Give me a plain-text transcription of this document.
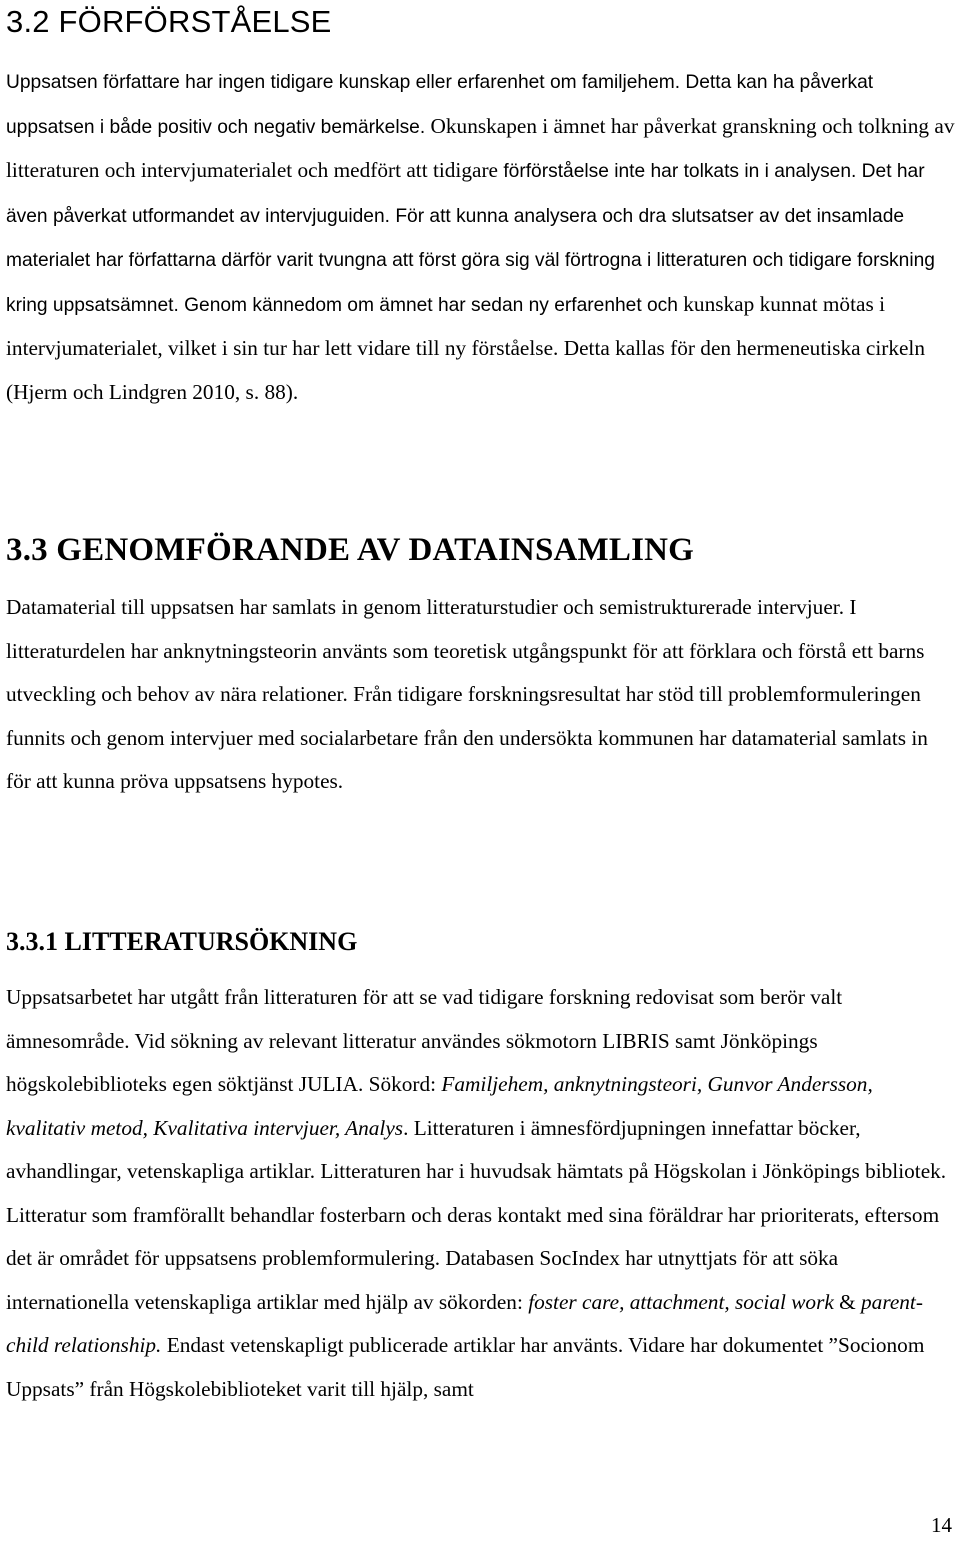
3.2 FÖRFÖRSTÅELSE

Uppsatsen författare har ingen tidigare kunskap eller erfarenhet om familjehem. Detta kan ha påverkat uppsatsen i både positiv och negativ bemärkelse. Okunskapen i ämnet har påverkat granskning och tolkning av litteraturen och intervjumaterialet och medfört att tidigare förförståelse inte har tolkats in i analysen. Det har även påverkat utformandet av intervjuguiden. För att kunna analysera och dra slutsatser av det insamlade materialet har författarna därför varit tvungna att först göra sig väl förtrogna i litteraturen och tidigare forskning kring uppsatsämnet. Genom kännedom om ämnet har sedan ny erfarenhet och kunskap kunnat mötas i intervjumaterialet, vilket i sin tur har lett vidare till ny förståelse. Detta kallas för den hermeneutiska cirkeln (Hjerm och Lindgren 2010, s. 88).

3.3 GENOMFÖRANDE AV DATAINSAMLING

Datamaterial till uppsatsen har samlats in genom litteraturstudier och semistrukturerade intervjuer. I litteraturdelen har anknytningsteorin använts som teoretisk utgångspunkt för att förklara och förstå ett barns utveckling och behov av nära relationer. Från tidigare forskningsresultat har stöd till problemformuleringen funnits och genom intervjuer med socialarbetare från den undersökta kommunen har datamaterial samlats in för att kunna pröva uppsatsens hypotes.

3.3.1 LITTERATURSÖKNING

Uppsatsarbetet har utgått från litteraturen för att se vad tidigare forskning redovisat som berör valt ämnesområde. Vid sökning av relevant litteratur användes sökmotorn LIBRIS samt Jönköpings högskolebiblioteks egen söktjänst JULIA. Sökord: Familjehem, anknytningsteori, Gunvor Andersson, kvalitativ metod, Kvalitativa intervjuer, Analys. Litteraturen i ämnesfördjupningen innefattar böcker, avhandlingar, vetenskapliga artiklar. Litteraturen har i huvudsak hämtats på Högskolan i Jönköpings bibliotek. Litteratur som framförallt behandlar fosterbarn och deras kontakt med sina föräldrar har prioriterats, eftersom det är området för uppsatsens problemformulering. Databasen SocIndex har utnyttjats för att söka internationella vetenskapliga artiklar med hjälp av sökorden: foster care, attachment, social work & parent-child relationship. Endast vetenskapligt publicerade artiklar har använts. Vidare har dokumentet ”Socionom Uppsats” från Högskolebiblioteket varit till hjälp, samt

14
